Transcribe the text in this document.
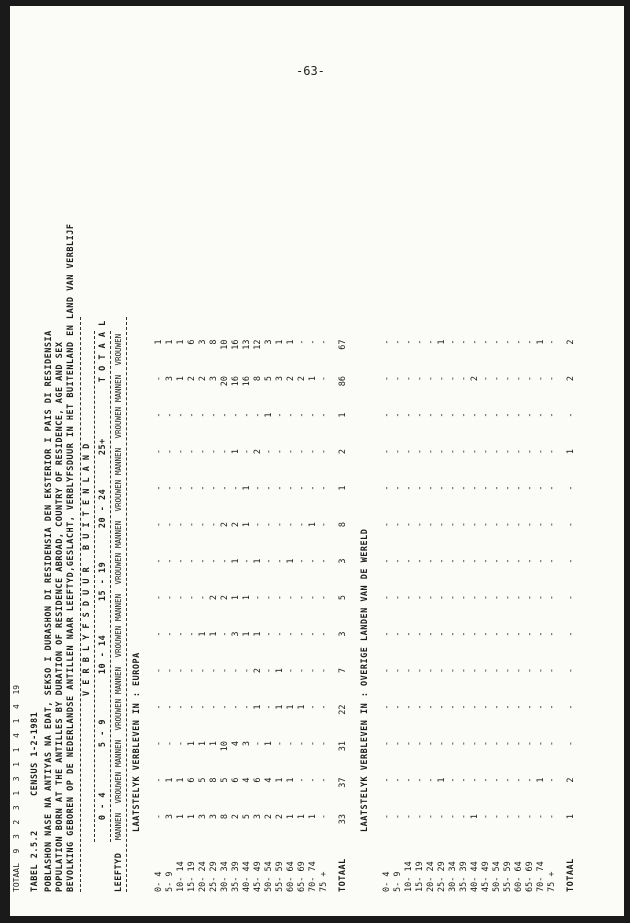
-63-
TOTAAL  9  3  2  3  1  3  1  1  4  1  4  19 TABEL 2.5.2
CENSUS 1-2-1981 POBLASHON NASE NA ANTIYAS NA EDAT, SEKSO I DURASHON DI RESIDENSIA DEN EKSTERIOR I PAIS DI RESIDENSIA POPULATION BORN AT THE ANTILLES BY DURATION OF RESIDENCE ABROAD, COUNTRY OF RESIDENCE, AGE AND SEX BEVOLKING GEBOREN OP DE NEDERLANDSE ANTILLEN NAAR LEEFTYD,GESLACHT, VERBLYFSDUUR IN HET BUITENLAND EN LAND VAN VERBLIJF	LEEFTYD
V E R B L Y F S D U U R   B U I T E N L A N D
0 - 4
5 - 9
10 - 14
15 - 19
20 - 24
25+
T O T A A L
MANNEN
VROUWEN
MANNEN
VROUWEN
MANNEN
VROUWEN
MANNEN
VROUWEN
MANNEN
VROUWEN
MANNEN
VROUWEN
MANNEN
VROUWEN
LAATSTELYK VERBLEVEN IN : EUROPA
0- 4
-
-
-
-
-
-
-
-
-
-
-
-
-
1
5- 9
3
1
-
-
-
-
-
-
-
-
-
-
3
1
10- 14
1
1
-
-
-
-
-
-
-
-
-
-
1
1
15- 19
1
6
1
-
-
-
-
-
-
-
-
-
2
6
20- 24
3
5
1
-
-
1
-
-
-
-
-
-
2
3
25- 29
3
8
1
-
-
1
2
-
-
-
-
-
3
8
30- 34
8
5
10
-
-
-
2
-
2
-
-
-
20
10
35- 39
2
6
4
-
-
3
1
1
2
-
1
-
16
16
40- 44
5
4
3
-
-
1
1
-
1
1
-
-
16
13
45- 49
3
6
-
1
2
1
-
1
-
-
2
-
8
12
50- 54
2
4
1
-
-
-
-
-
-
-
-
1
5
3
55- 59
2
1
-
1
1
-
-
-
-
-
-
-
3
1
60- 64
1
1
-
1
-
-
-
1
-
-
-
-
2
1
65- 69
1
-
-
1
-
-
-
-
-
-
-
-
2
-
70- 74
1
-
-
-
-
-
-
-
1
-
-
-
1
-
75 +
-
-
-
-
-
-
-
-
-
-
-
-
-
-
TOTAAL
33
37
31
22
7
3
5
3
8
1
2
1
86
67
LAATSTELYK VERBLEVEN IN : OVERIGE LANDEN VAN DE WERELD
0- 4
-
-
-
-
-
-
-
-
-
-
-
-
-
-
5- 9
-
-
-
-
-
-
-
-
-
-
-
-
-
-
10- 14
-
-
-
-
-
-
-
-
-
-
-
-
-
-
15- 19
-
-
-
-
-
-
-
-
-
-
-
-
-
-
20- 24
-
-
-
-
-
-
-
-
-
-
-
-
-
-
25- 29
-
1
-
-
-
-
-
-
-
-
-
-
-
1
30- 34
-
-
-
-
-
-
-
-
-
-
-
-
-
-
35- 39
-
-
-
-
-
-
-
-
-
-
-
-
-
-
40- 44
1
-
-
-
-
-
-
-
-
-
-
-
2
-
45- 49
-
-
-
-
-
-
-
-
-
-
-
-
-
-
50- 54
-
-
-
-
-
-
-
-
-
-
-
-
-
-
55- 59
-
-
-
-
-
-
-
-
-
-
-
-
-
-
60- 64
-
-
-
-
-
-
-
-
-
-
-
-
-
-
65- 69
-
-
-
-
-
-
-
-
-
-
-
-
-
-
70- 74
-
1
-
-
-
-
-
-
-
-
-
-
-
1
75 +
-
-
-
-
-
-
-
-
-
-
-
-
-
-
TOTAAL
1
2
-
-
-
-
-
-
-
-
1
-
2
2
